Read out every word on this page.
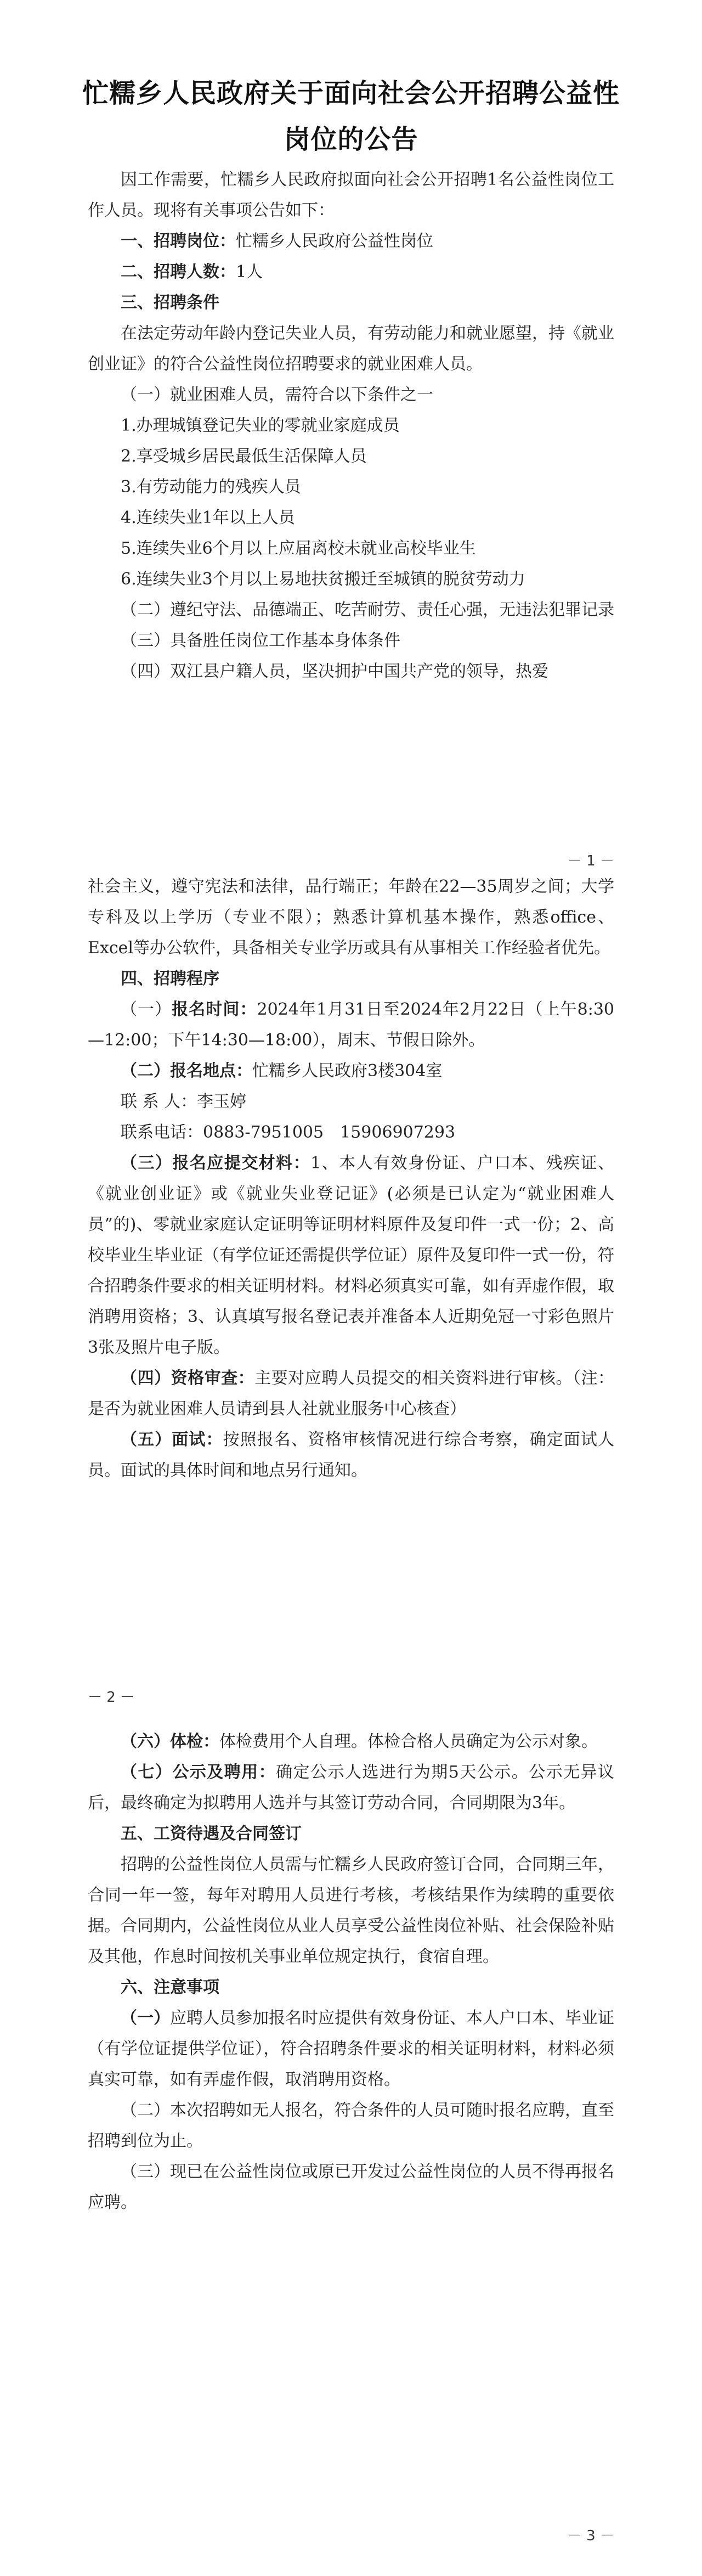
忙糯乡人民政府关于面向社会公开招聘公益性岗位的公告

因工作需要，忙糯乡人民政府拟面向社会公开招聘1名公益性岗位工作人员。现将有关事项公告如下：

一、招聘岗位：忙糯乡人民政府公益性岗位

二、招聘人数：1人

三、招聘条件

在法定劳动年龄内登记失业人员，有劳动能力和就业愿望，持《就业创业证》的符合公益性岗位招聘要求的就业困难人员。

（一）就业困难人员，需符合以下条件之一

1.办理城镇登记失业的零就业家庭成员

2.享受城乡居民最低生活保障人员

3.有劳动能力的残疾人员

4.连续失业1年以上人员

5.连续失业6个月以上应届离校未就业高校毕业生

6.连续失业3个月以上易地扶贫搬迁至城镇的脱贫劳动力

（二）遵纪守法、品德端正、吃苦耐劳、责任心强，无违法犯罪记录

（三）具备胜任岗位工作基本身体条件

（四）双江县户籍人员，坚决拥护中国共产党的领导，热爱

－ 1 －

社会主义，遵守宪法和法律，品行端正；年龄在22—35周岁之间；大学专科及以上学历（专业不限）；熟悉计算机基本操作，熟悉office、Excel等办公软件，具备相关专业学历或具有从事相关工作经验者优先。

四、招聘程序

（一）报名时间：2024年1月31日至2024年2月22日（上午8:30—12:00；下午14:30—18:00），周末、节假日除外。

（二）报名地点：忙糯乡人民政府3楼304室

联 系 人：李玉婷

联系电话：0883-7951005　15906907293

（三）报名应提交材料：1、本人有效身份证、户口本、残疾证、《就业创业证》或《就业失业登记证》(必须是已认定为“就业困难人员”的)、零就业家庭认定证明等证明材料原件及复印件一式一份；2、高校毕业生毕业证（有学位证还需提供学位证）原件及复印件一式一份，符合招聘条件要求的相关证明材料。材料必须真实可靠，如有弄虚作假，取消聘用资格；3、认真填写报名登记表并准备本人近期免冠一寸彩色照片3张及照片电子版。

（四）资格审查：主要对应聘人员提交的相关资料进行审核。（注：是否为就业困难人员请到县人社就业服务中心核查）

（五）面试：按照报名、资格审核情况进行综合考察，确定面试人员。面试的具体时间和地点另行通知。

－ 2 －

（六）体检：体检费用个人自理。体检合格人员确定为公示对象。

（七）公示及聘用：确定公示人选进行为期5天公示。公示无异议后，最终确定为拟聘用人选并与其签订劳动合同，合同期限为3年。

五、工资待遇及合同签订

招聘的公益性岗位人员需与忙糯乡人民政府签订合同，合同期三年，合同一年一签，每年对聘用人员进行考核，考核结果作为续聘的重要依据。合同期内，公益性岗位从业人员享受公益性岗位补贴、社会保险补贴及其他，作息时间按机关事业单位规定执行，食宿自理。

六、注意事项

（一）应聘人员参加报名时应提供有效身份证、本人户口本、毕业证（有学位证提供学位证），符合招聘条件要求的相关证明材料，材料必须真实可靠，如有弄虚作假，取消聘用资格。

（二）本次招聘如无人报名，符合条件的人员可随时报名应聘，直至招聘到位为止。

（三）现已在公益性岗位或原已开发过公益性岗位的人员不得再报名应聘。

－ 3 －
